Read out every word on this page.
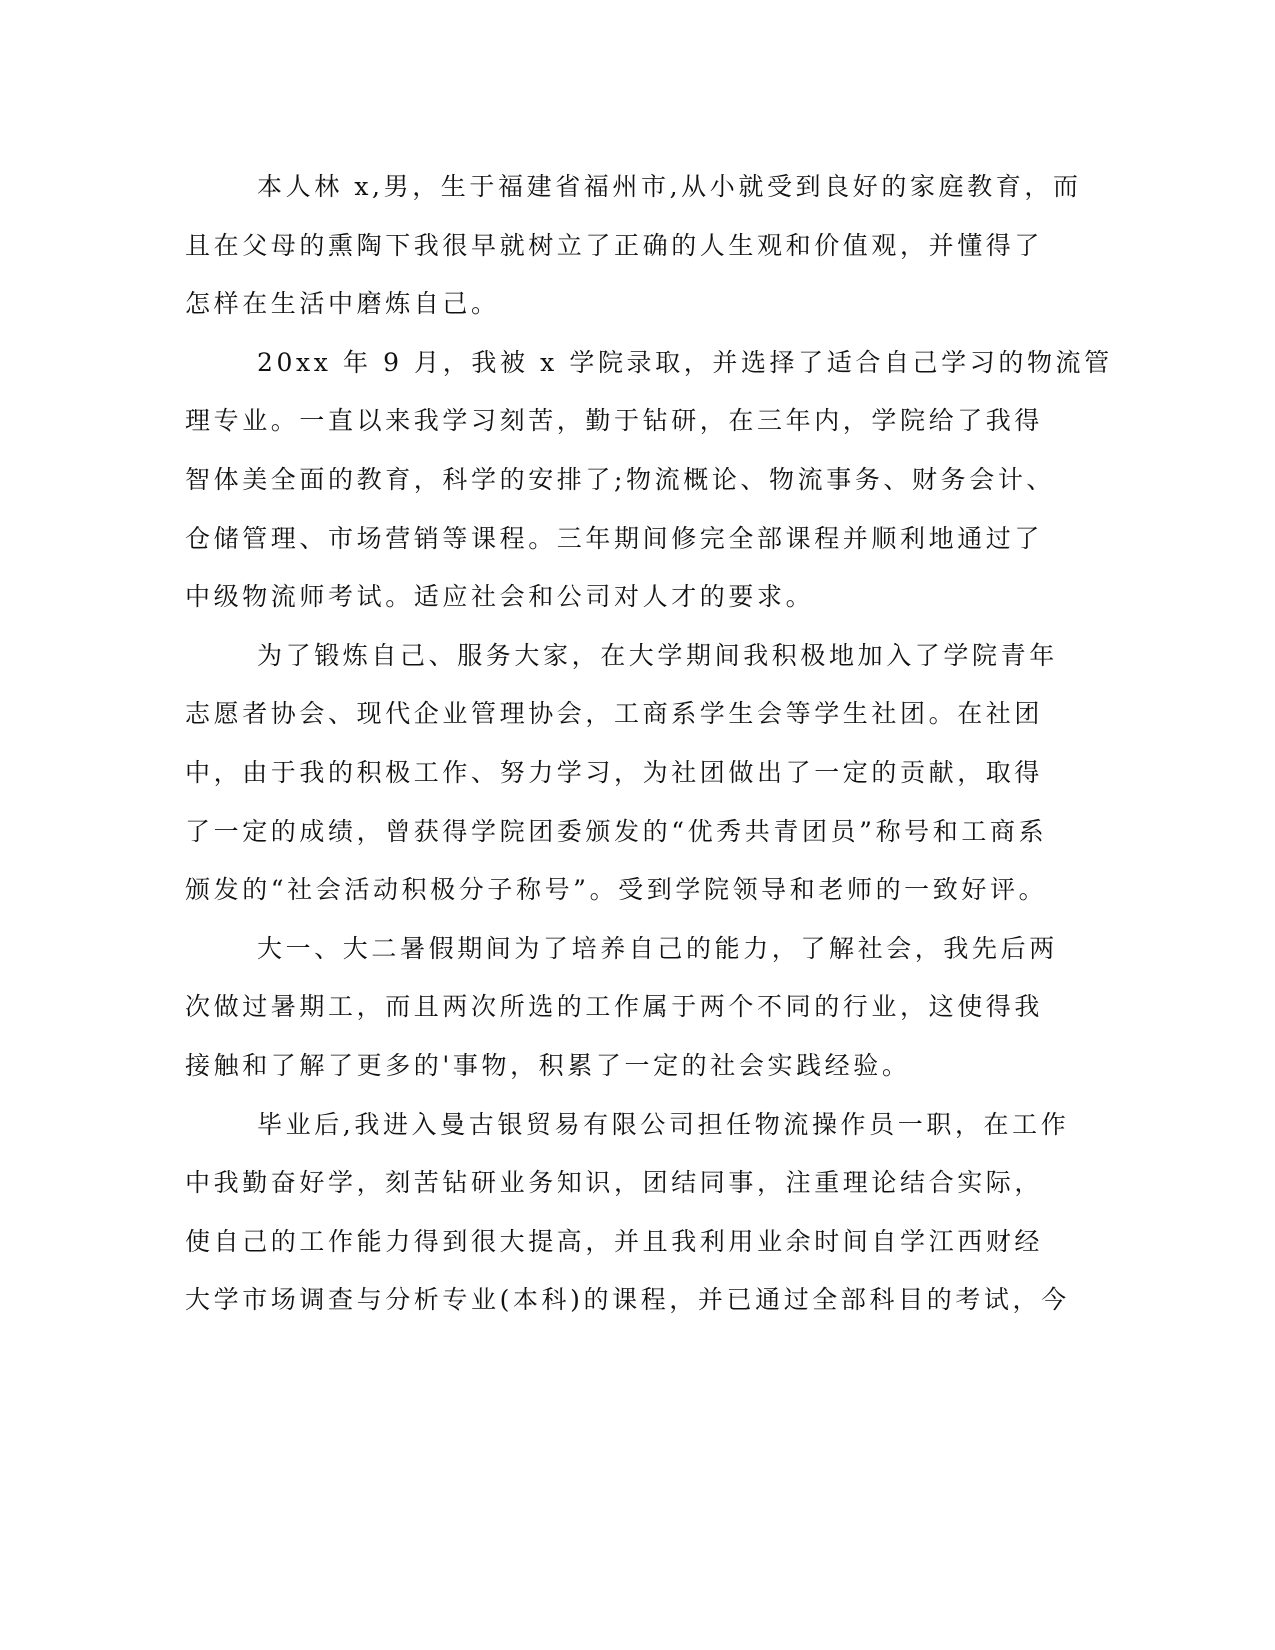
本人林 x,男，生于福建省福州市,从小就受到良好的家庭教育，而
且在父母的熏陶下我很早就树立了正确的人生观和价值观，并懂得了
怎样在生活中磨炼自己。
20xx 年 9 月，我被 x 学院录取，并选择了适合自己学习的物流管
理专业。一直以来我学习刻苦，勤于钻研，在三年内，学院给了我得
智体美全面的教育，科学的安排了;物流概论、物流事务、财务会计、
仓储管理、市场营销等课程。三年期间修完全部课程并顺利地通过了
中级物流师考试。适应社会和公司对人才的要求。
为了锻炼自己、服务大家，在大学期间我积极地加入了学院青年
志愿者协会、现代企业管理协会，工商系学生会等学生社团。在社团
中，由于我的积极工作、努力学习，为社团做出了一定的贡献，取得
了一定的成绩，曾获得学院团委颁发的“优秀共青团员”称号和工商系
颁发的“社会活动积极分子称号”。受到学院领导和老师的一致好评。
大一、大二暑假期间为了培养自己的能力，了解社会，我先后两
次做过暑期工，而且两次所选的工作属于两个不同的行业，这使得我
接触和了解了更多的'事物，积累了一定的社会实践经验。
毕业后,我进入曼古银贸易有限公司担任物流操作员一职，在工作
中我勤奋好学，刻苦钻研业务知识，团结同事，注重理论结合实际，
使自己的工作能力得到很大提高，并且我利用业余时间自学江西财经
大学市场调查与分析专业(本科)的课程，并已通过全部科目的考试，今
